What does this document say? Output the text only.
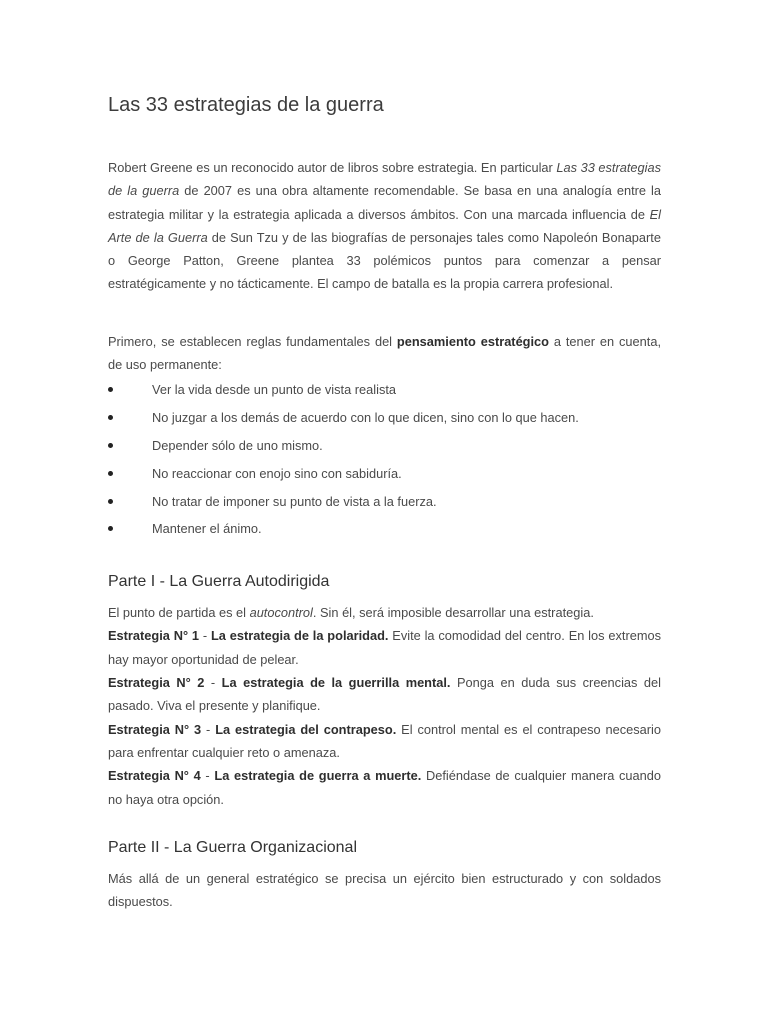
Las 33 estrategias de la guerra

Robert Greene es un reconocido autor de libros sobre estrategia. En particular Las 33 estrategias de la guerra de 2007 es una obra altamente recomendable. Se basa en una analogía entre la estrategia militar y la estrategia aplicada a diversos ámbitos. Con una marcada influencia de El Arte de la Guerra de Sun Tzu y de las biografías de personajes tales como Napoleón Bonaparte o George Patton, Greene plantea 33 polémicos puntos para comenzar a pensar estratégicamente y no tácticamente. El campo de batalla es la propia carrera profesional.

Primero, se establecen reglas fundamentales del pensamiento estratégico a tener en cuenta, de uso permanente:

Ver la vida desde un punto de vista realista
No juzgar a los demás de acuerdo con lo que dicen, sino con lo que hacen.
Depender sólo de uno mismo.
No reaccionar con enojo sino con sabiduría.
No tratar de imponer su punto de vista a la fuerza.
Mantener el ánimo.
Parte I - La Guerra Autodirigida

El punto de partida es el autocontrol. Sin él, será imposible desarrollar una estrategia.

Estrategia N° 1 - La estrategia de la polaridad. Evite la comodidad del centro. En los extremos hay mayor oportunidad de pelear.

Estrategia N° 2 - La estrategia de la guerrilla mental. Ponga en duda sus creencias del pasado. Viva el presente y planifique.

Estrategia N° 3 - La estrategia del contrapeso. El control mental es el contrapeso necesario para enfrentar cualquier reto o amenaza.

Estrategia N° 4 - La estrategia de guerra a muerte. Defiéndase de cualquier manera cuando no haya otra opción.

Parte II - La Guerra Organizacional

Más allá de un general estratégico se precisa un ejército bien estructurado y con soldados dispuestos.
